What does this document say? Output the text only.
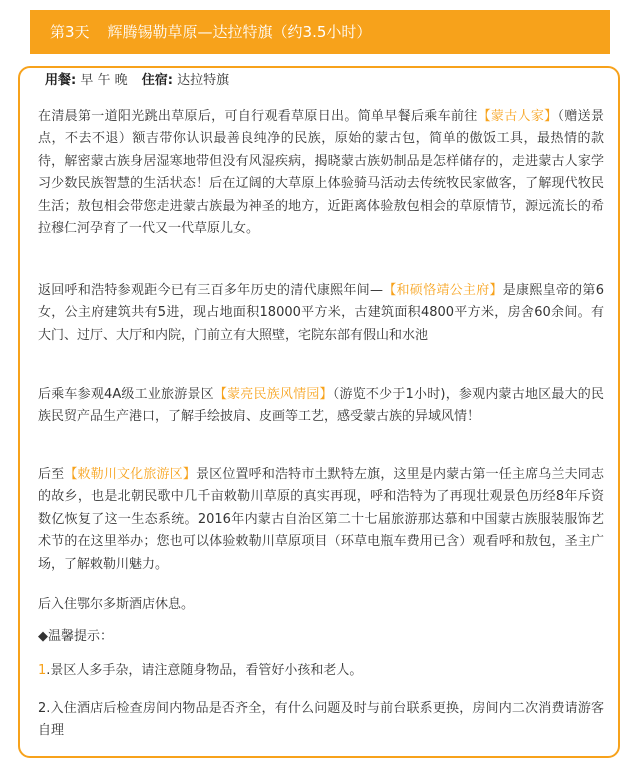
第3天 辉腾锡勒草原—达拉特旗（约3.5小时）
用餐: 早 午 晚 住宿: 达拉特旗

在清晨第一道阳光跳出草原后，可自行观看草原日出。简单早餐后乘车前往【蒙古人家】（赠送景点，不去不退）额吉带你认识最善良纯净的民族，原始的蒙古包，简单的傲饭工具，最热情的款待，解密蒙古族身居湿寒地带但没有风湿疾病，揭晓蒙古族奶制品是怎样储存的，走进蒙古人家学习少数民族智慧的生活状态！后在辽阔的大草原上体验骑马活动去传统牧民家做客，了解现代牧民生活；敖包相会带您走进蒙古族最为神圣的地方，近距离体验敖包相会的草原情节，源远流长的希拉穆仁河孕育了一代又一代草原儿女。

返回呼和浩特参观距今已有三百多年历史的清代康熙年间—【和硕恪靖公主府】是康熙皇帝的第6女，公主府建筑共有5进，现占地面积18000平方米，古建筑面积4800平方米，房舍60余间。有大门、过厅、大厅和内院，门前立有大照壁，宅院东部有假山和水池

后乘车参观4A级工业旅游景区【蒙亮民族风情园】（游览不少于1小时)，参观内蒙古地区最大的民族民贸产品生产港口，了解手绘披肩、皮画等工艺，感受蒙古族的异域风情！

后至【敕勒川文化旅游区】景区位置呼和浩特市土默特左旗，这里是内蒙古第一任主席乌兰夫同志的故乡，也是北朝民歌中几千亩敕勒川草原的真实再现，呼和浩特为了再现壮观景色历经8年斥资数亿恢复了这一生态系统。2016年内蒙古自治区第二十七届旅游那达慕和中国蒙古族服装服饰艺术节的在这里举办；您也可以体验敕勒川草原项目（环草电瓶车费用已含）观看呼和敖包，圣主广场，了解敕勒川魅力。

后入住鄂尔多斯酒店休息。

◆温馨提示：

1.景区人多手杂，请注意随身物品，看管好小孩和老人。

2.入住酒店后检查房间内物品是否齐全，有什么问题及时与前台联系更换，房间内二次消费请游客自理
